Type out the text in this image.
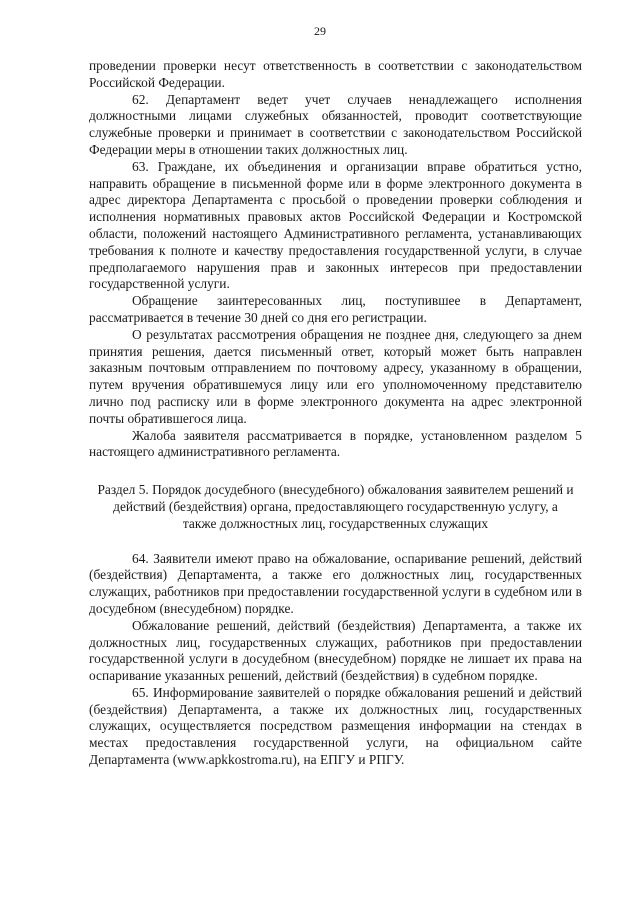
29

проведении проверки несут ответственность в соответствии с законодательством Российской Федерации.

62. Департамент ведет учет случаев ненадлежащего исполнения должностными лицами служебных обязанностей, проводит соответствующие служебные проверки и принимает в соответствии с законодательством Российской Федерации меры в отношении таких должностных лиц.

63. Граждане, их объединения и организации вправе обратиться устно, направить обращение в письменной форме или в форме электронного документа в адрес директора Департамента с просьбой о проведении проверки соблюдения и исполнения нормативных правовых актов Российской Федерации и Костромской области, положений настоящего Административного регламента, устанавливающих требования к полноте и качеству предоставления государственной услуги, в случае предполагаемого нарушения прав и законных интересов при предоставлении государственной услуги.

Обращение заинтересованных лиц, поступившее в Департамент, рассматривается в течение 30 дней со дня его регистрации.

О результатах рассмотрения обращения не позднее дня, следующего за днем принятия решения, дается письменный ответ, который может быть направлен заказным почтовым отправлением по почтовому адресу, указанному в обращении, путем вручения обратившемуся лицу или его уполномоченному представителю лично под расписку или в форме электронного документа на адрес электронной почты обратившегося лица.

Жалоба заявителя рассматривается в порядке, установленном разделом 5 настоящего административного регламента.

Раздел 5. Порядок досудебного (внесудебного) обжалования заявителем решений и действий (бездействия) органа, предоставляющего государственную услугу, а также должностных лиц, государственных служащих

64. Заявители имеют право на обжалование, оспаривание решений, действий (бездействия) Департамента, а также его должностных лиц, государственных служащих, работников при предоставлении государственной услуги в судебном или в досудебном (внесудебном) порядке.

Обжалование решений, действий (бездействия) Департамента, а также их должностных лиц, государственных служащих, работников при предоставлении государственной услуги в досудебном (внесудебном) порядке не лишает их права на оспаривание указанных решений, действий (бездействия) в судебном порядке.

65. Информирование заявителей о порядке обжалования решений и действий (бездействия) Департамента, а также их должностных лиц, государственных служащих, осуществляется посредством размещения информации на стендах в местах предоставления государственной услуги, на официальном сайте Департамента (www.apkkostroma.ru), на ЕПГУ и РПГУ.
